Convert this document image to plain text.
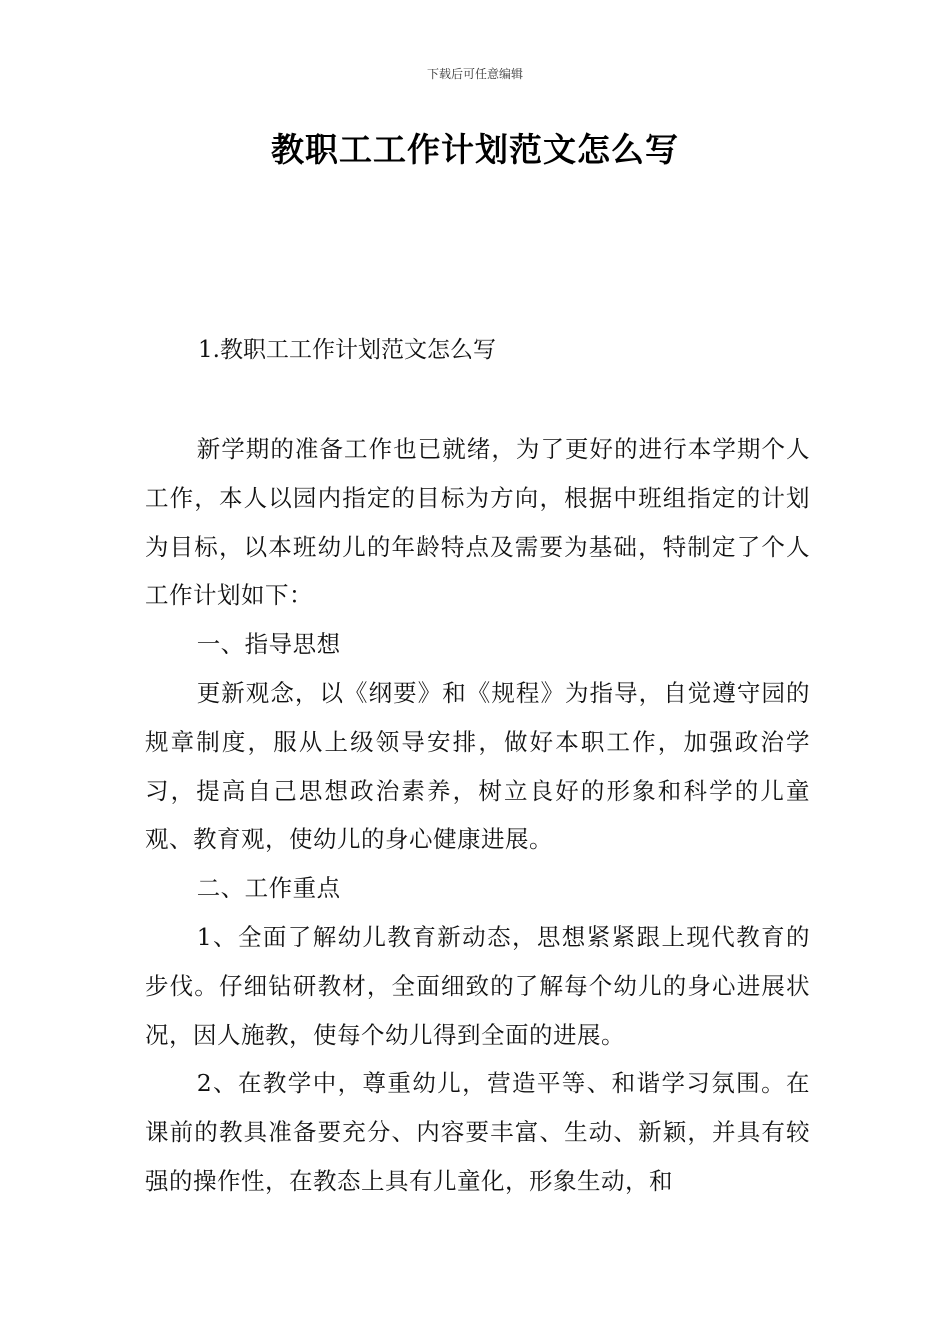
下载后可任意编辑
教职工工作计划范文怎么写
1.教职工工作计划范文怎么写

新学期的准备工作也已就绪，为了更好的进行本学期个人工作，本人以园内指定的目标为方向，根据中班组指定的计划为目标，以本班幼儿的年龄特点及需要为基础，特制定了个人工作计划如下：

一、指导思想

更新观念，以《纲要》和《规程》为指导，自觉遵守园的规章制度，服从上级领导安排，做好本职工作，加强政治学习，提高自己思想政治素养，树立良好的形象和科学的儿童观、教育观，使幼儿的身心健康进展。

二、工作重点

1、全面了解幼儿教育新动态，思想紧紧跟上现代教育的步伐。仔细钻研教材，全面细致的了解每个幼儿的身心进展状况，因人施教，使每个幼儿得到全面的进展。

2、在教学中，尊重幼儿，营造平等、和谐学习氛围。在课前的教具准备要充分、内容要丰富、生动、新颖，并具有较强的操作性，在教态上具有儿童化，形象生动，和
